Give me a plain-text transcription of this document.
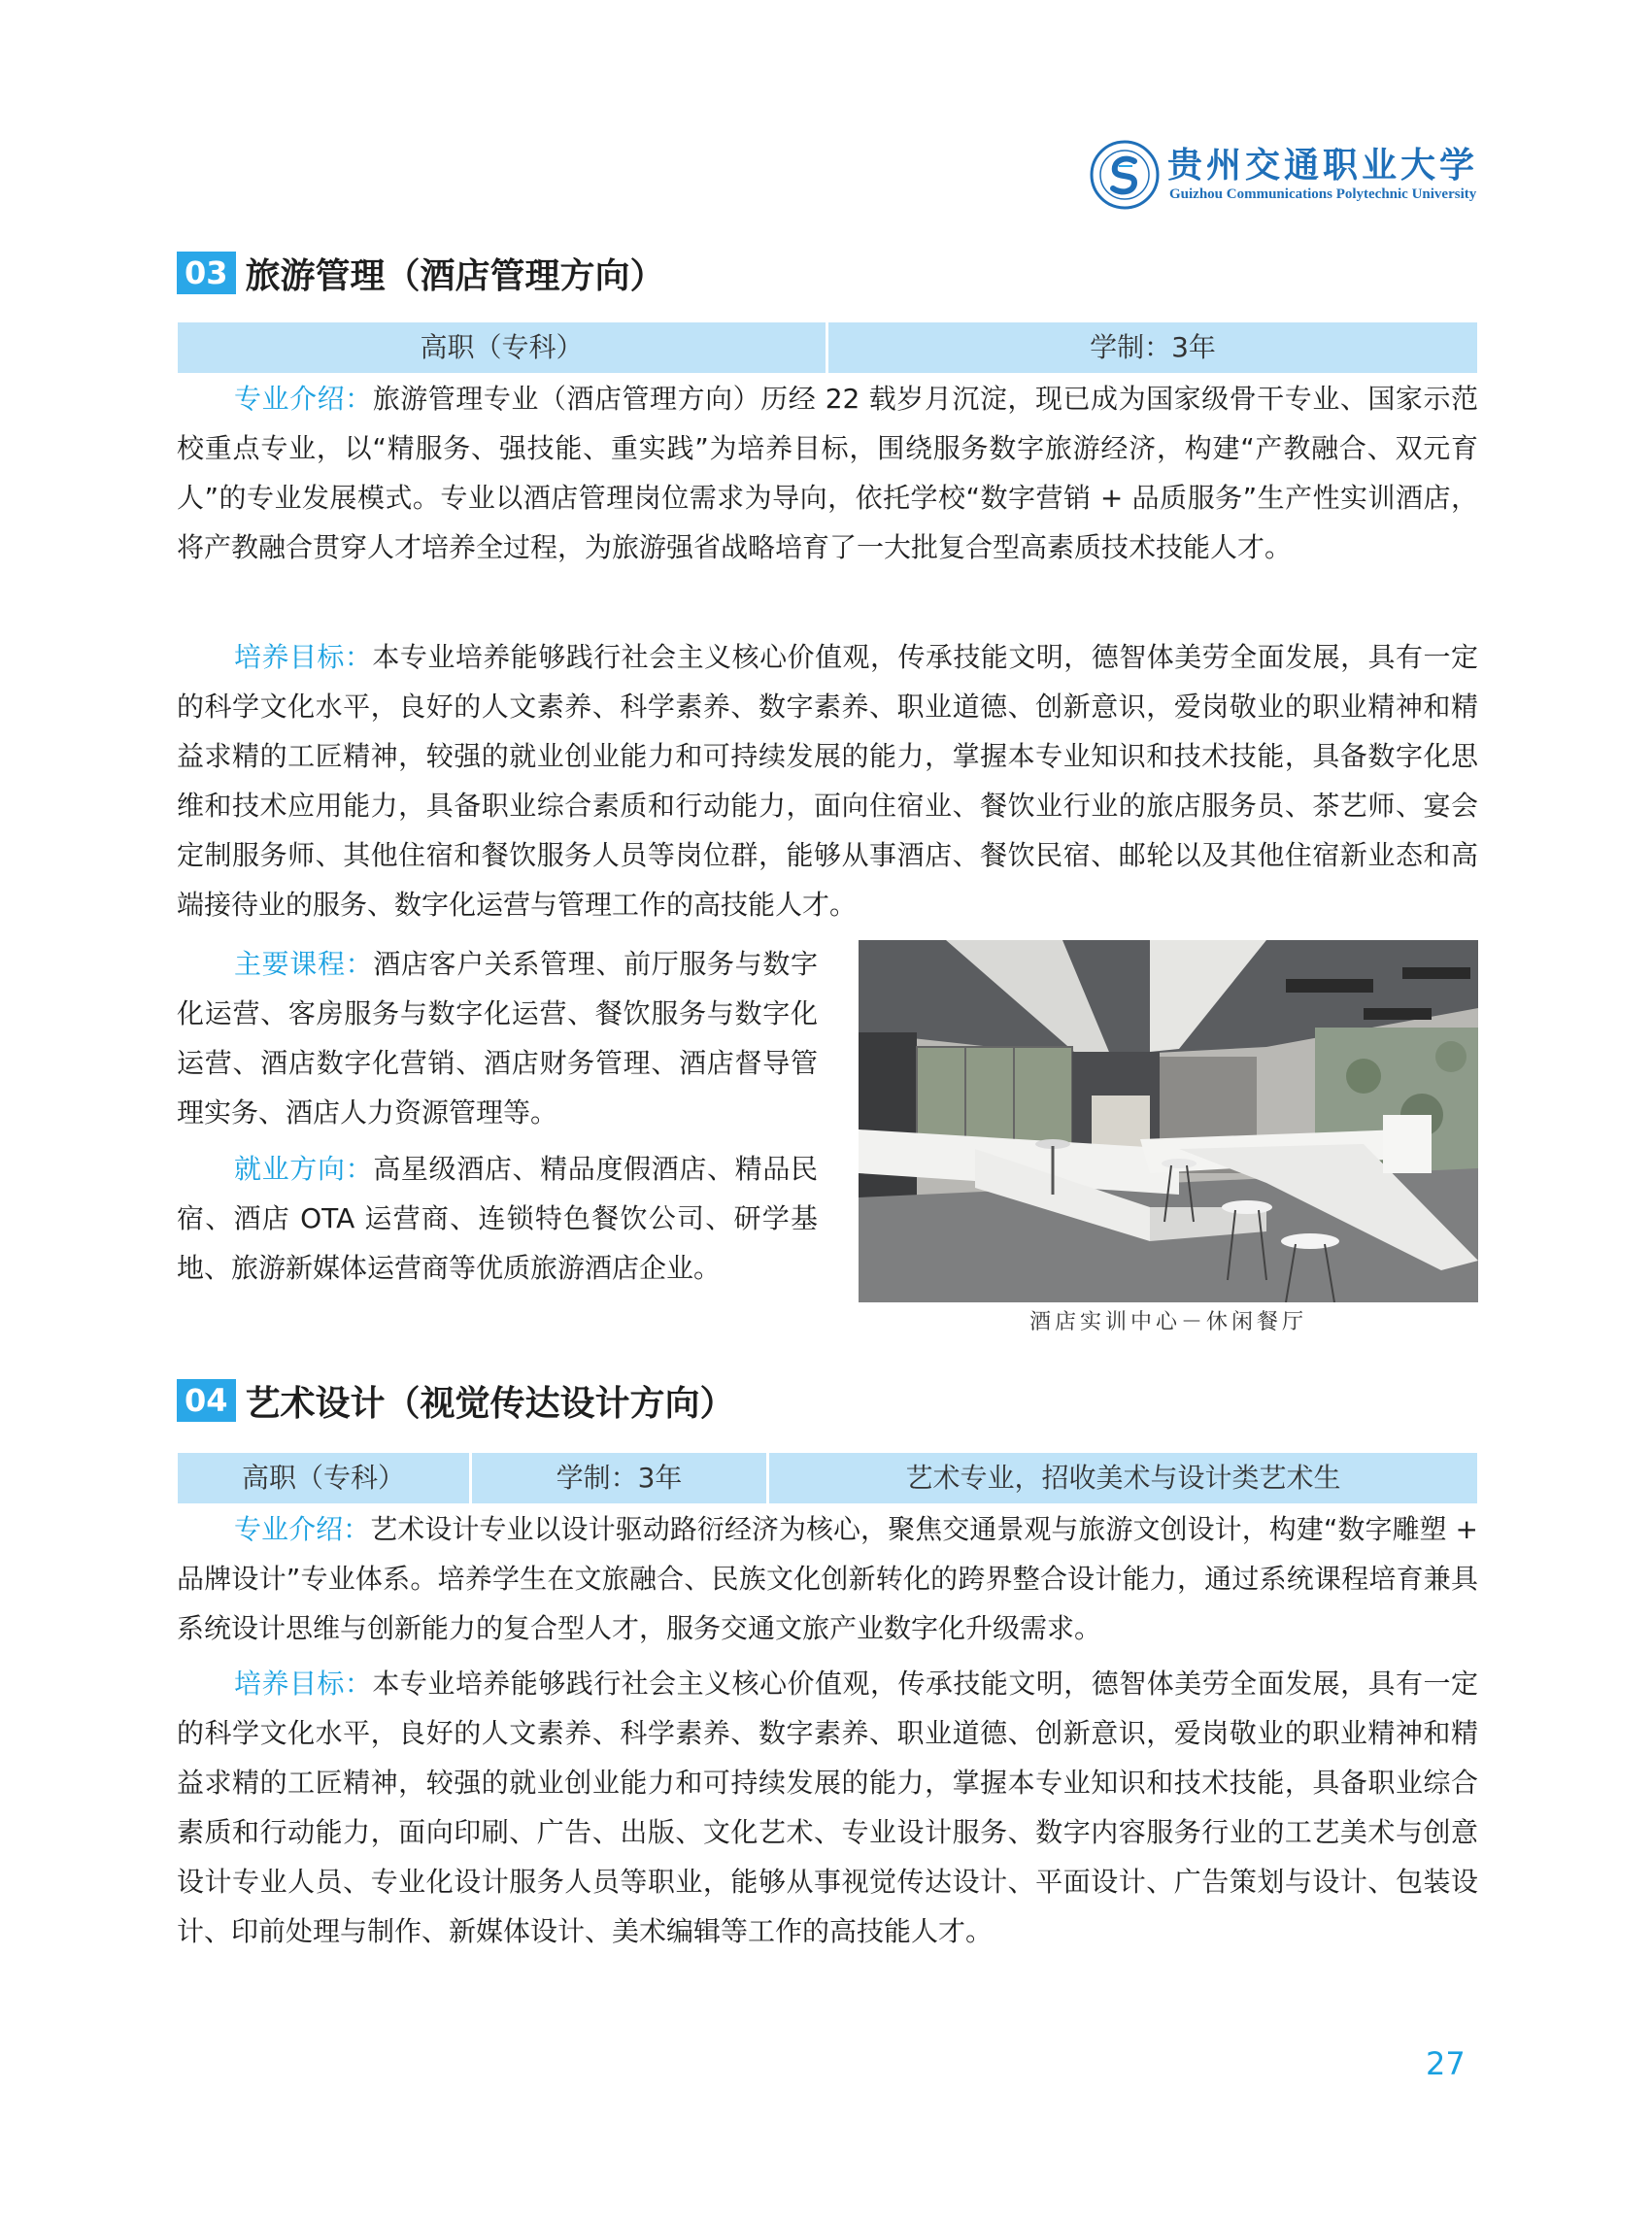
贵州交通职业大学
Guizhou Communications Polytechnic University
03 旅游管理（酒店管理方向）
高职（专科）	学制：3年

专业介绍：旅游管理专业（酒店管理方向）历经 22 载岁月沉淀，现已成为国家级骨干专业、国家示范校重点专业，以“精服务、强技能、重实践”为培养目标，围绕服务数字旅游经济，构建“产教融合、双元育人”的专业发展模式。专业以酒店管理岗位需求为导向，依托学校“数字营销 + 品质服务”生产性实训酒店，将产教融合贯穿人才培养全过程，为旅游强省战略培育了一大批复合型高素质技术技能人才。

培养目标：本专业培养能够践行社会主义核心价值观，传承技能文明，德智体美劳全面发展，具有一定的科学文化水平，良好的人文素养、科学素养、数字素养、职业道德、创新意识，爱岗敬业的职业精神和精益求精的工匠精神，较强的就业创业能力和可持续发展的能力，掌握本专业知识和技术技能，具备数字化思维和技术应用能力，具备职业综合素质和行动能力，面向住宿业、餐饮业行业的旅店服务员、茶艺师、宴会定制服务师、其他住宿和餐饮服务人员等岗位群，能够从事酒店、餐饮民宿、邮轮以及其他住宿新业态和高端接待业的服务、数字化运营与管理工作的高技能人才。

主要课程：酒店客户关系管理、前厅服务与数字化运营、客房服务与数字化运营、餐饮服务与数字化运营、酒店数字化营销、酒店财务管理、酒店督导管理实务、酒店人力资源管理等。

就业方向：高星级酒店、精品度假酒店、精品民宿、酒店 OTA 运营商、连锁特色餐饮公司、研学基地、旅游新媒体运营商等优质旅游酒店企业。

酒店实训中心－休闲餐厅
04 艺术设计（视觉传达设计方向）
高职（专科）	学制：3年	艺术专业，招收美术与设计类艺术生

专业介绍：艺术设计专业以设计驱动路衍经济为核心，聚焦交通景观与旅游文创设计，构建“数字雕塑 + 品牌设计”专业体系。培养学生在文旅融合、民族文化创新转化的跨界整合设计能力，通过系统课程培育兼具系统设计思维与创新能力的复合型人才，服务交通文旅产业数字化升级需求。

培养目标：本专业培养能够践行社会主义核心价值观，传承技能文明，德智体美劳全面发展，具有一定的科学文化水平，良好的人文素养、科学素养、数字素养、职业道德、创新意识，爱岗敬业的职业精神和精益求精的工匠精神，较强的就业创业能力和可持续发展的能力，掌握本专业知识和技术技能，具备职业综合素质和行动能力，面向印刷、广告、出版、文化艺术、专业设计服务、数字内容服务行业的工艺美术与创意设计专业人员、专业化设计服务人员等职业，能够从事视觉传达设计、平面设计、广告策划与设计、包装设计、印前处理与制作、新媒体设计、美术编辑等工作的高技能人才。

27
